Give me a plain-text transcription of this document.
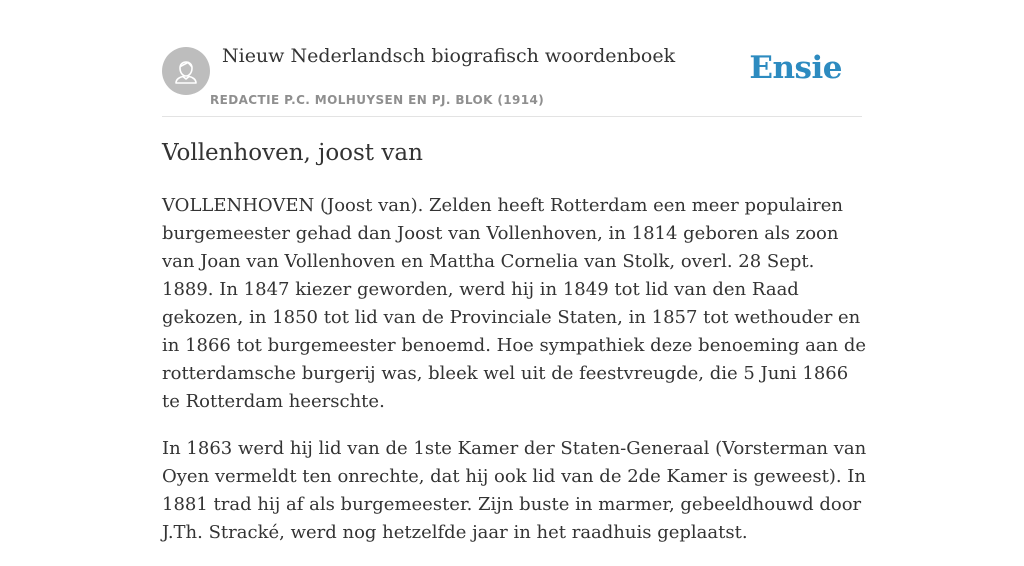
Nieuw Nederlandsch biografisch woordenboek
REDACTIE P.C. MOLHUYSEN EN PJ. BLOK (1914)
Ensie
Vollenhoven, joost van

VOLLENHOVEN (Joost van). Zelden heeft Rotterdam een meer populairen burgemeester gehad dan Joost van Vollenhoven, in 1814 geboren als zoon van Joan van Vollenhoven en Mattha Cornelia van Stolk, overl. 28 Sept. 1889. In 1847 kiezer geworden, werd hij in 1849 tot lid van den Raad gekozen, in 1850 tot lid van de Provinciale Staten, in 1857 tot wethouder en in 1866 tot burgemeester benoemd. Hoe sympathiek deze benoeming aan de rotterdamsche burgerij was, bleek wel uit de feestvreugde, die 5 Juni 1866 te Rotterdam heerschte.

In 1863 werd hij lid van de 1ste Kamer der Staten-Generaal (Vorsterman van Oyen vermeldt ten onrechte, dat hij ook lid van de 2de Kamer is geweest). In 1881 trad hij af als burgemeester. Zijn buste in marmer, gebeeldhouwd door J.Th. Stracké, werd nog hetzelfde jaar in het raadhuis geplaatst.
